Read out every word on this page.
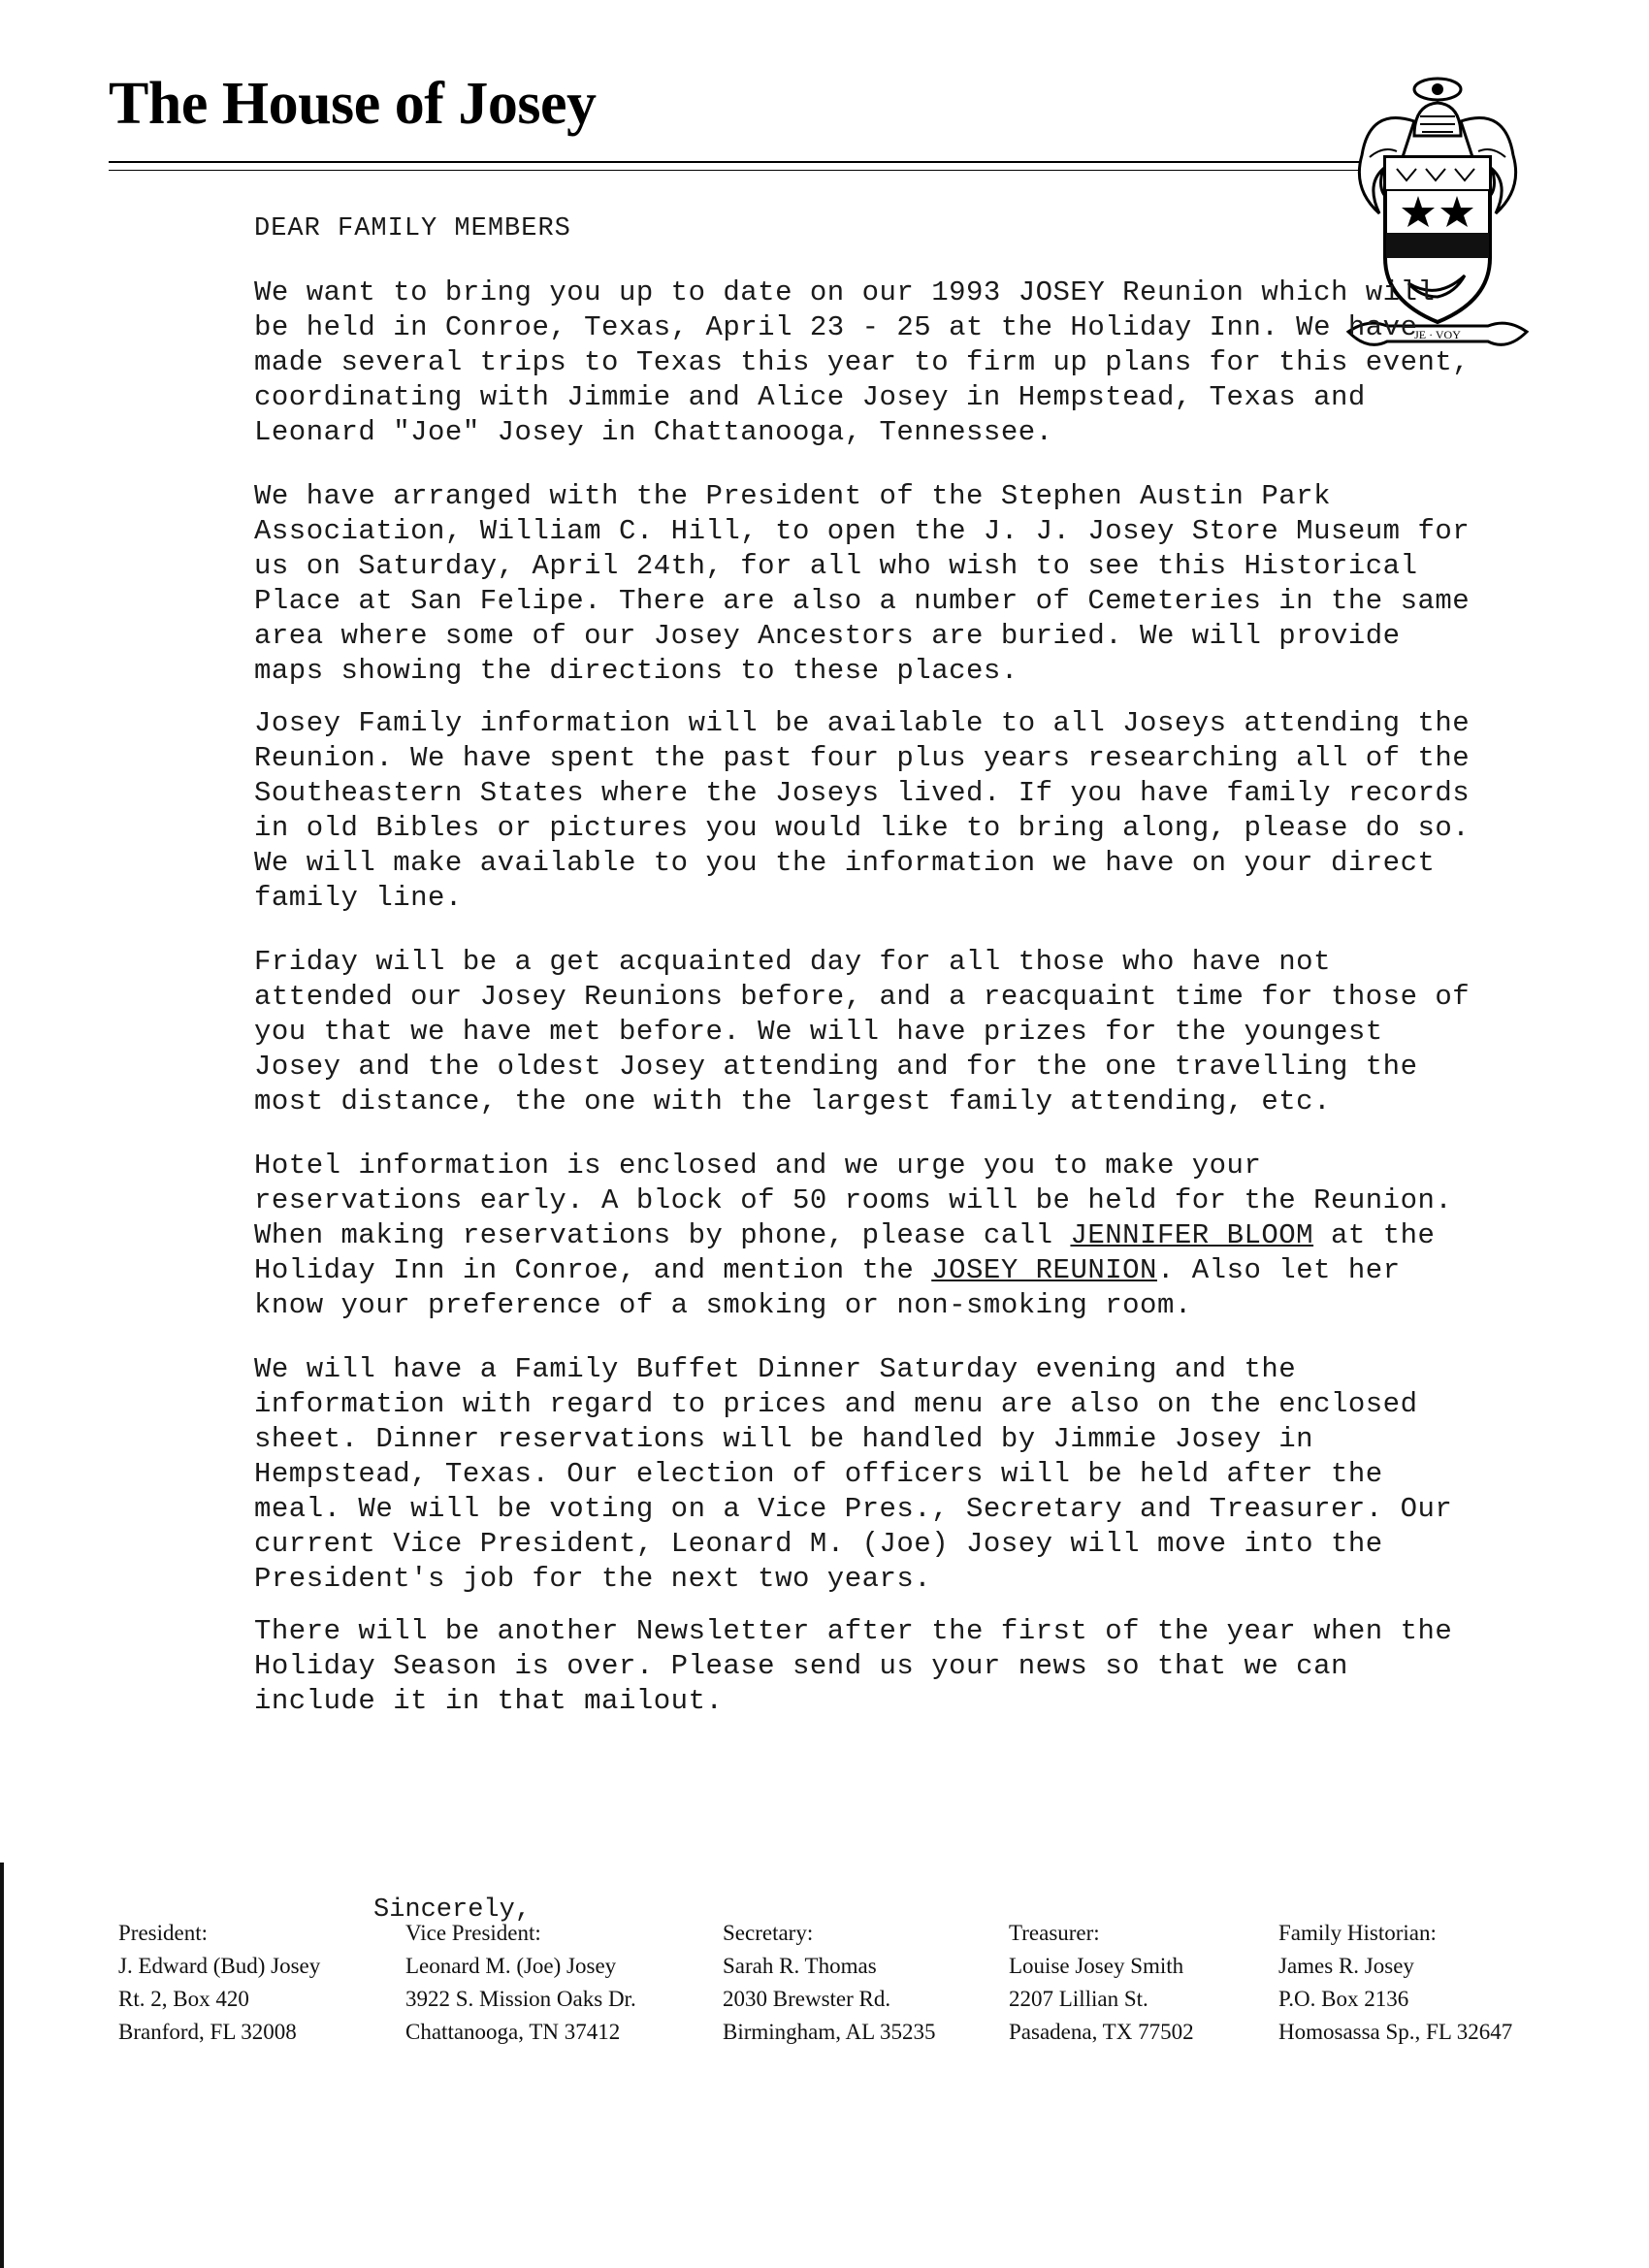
The House of Josey
JE · VOY

DEAR FAMILY MEMBERS

We want to bring you up to date on our 1993 JOSEY Reunion which will be held in Conroe, Texas, April 23 - 25 at the Holiday Inn. We have made several trips to Texas this year to firm up plans for this event, coordinating with Jimmie and Alice Josey in Hempstead, Texas and Leonard "Joe" Josey in Chattanooga, Tennessee.

We have arranged with the President of the Stephen Austin Park Association, William C. Hill, to open the J. J. Josey Store Museum for us on Saturday, April 24th, for all who wish to see this Historical Place at San Felipe. There are also a number of Cemeteries in the same area where some of our Josey Ancestors are buried. We will provide maps showing the directions to these places.

Josey Family information will be available to all Joseys attending the Reunion. We have spent the past four plus years researching all of the Southeastern States where the Joseys lived. If you have family records in old Bibles or pictures you would like to bring along, please do so. We will make available to you the information we have on your direct family line.

Friday will be a get acquainted day for all those who have not attended our Josey Reunions before, and a reacquaint time for those of you that we have met before. We will have prizes for the youngest Josey and the oldest Josey attending and for the one travelling the most distance, the one with the largest family attending, etc.

Hotel information is enclosed and we urge you to make your reservations early. A block of 50 rooms will be held for the Reunion. When making reservations by phone, please call JENNIFER BLOOM at the Holiday Inn in Conroe, and mention the JOSEY REUNION. Also let her know your preference of a smoking or non-smoking room.

We will have a Family Buffet Dinner Saturday evening and the information with regard to prices and menu are also on the enclosed sheet. Dinner reservations will be handled by Jimmie Josey in Hempstead, Texas. Our election of officers will be held after the meal. We will be voting on a Vice Pres., Secretary and Treasurer. Our current Vice President, Leonard M. (Joe) Josey will move into the President's job for the next two years.

There will be another Newsletter after the first of the year when the Holiday Season is over. Please send us your news so that we can include it in that mailout.

Sincerely,

President:
J. Edward (Bud) Josey
Rt. 2, Box 420
Branford, FL 32008
Vice President:
Leonard M. (Joe) Josey
3922 S. Mission Oaks Dr.
Chattanooga, TN 37412
Secretary:
Sarah R. Thomas
2030 Brewster Rd.
Birmingham, AL 35235
Treasurer:
Louise Josey Smith
2207 Lillian St.
Pasadena, TX 77502
Family Historian:
James R. Josey
P.O. Box 2136
Homosassa Sp., FL 32647
